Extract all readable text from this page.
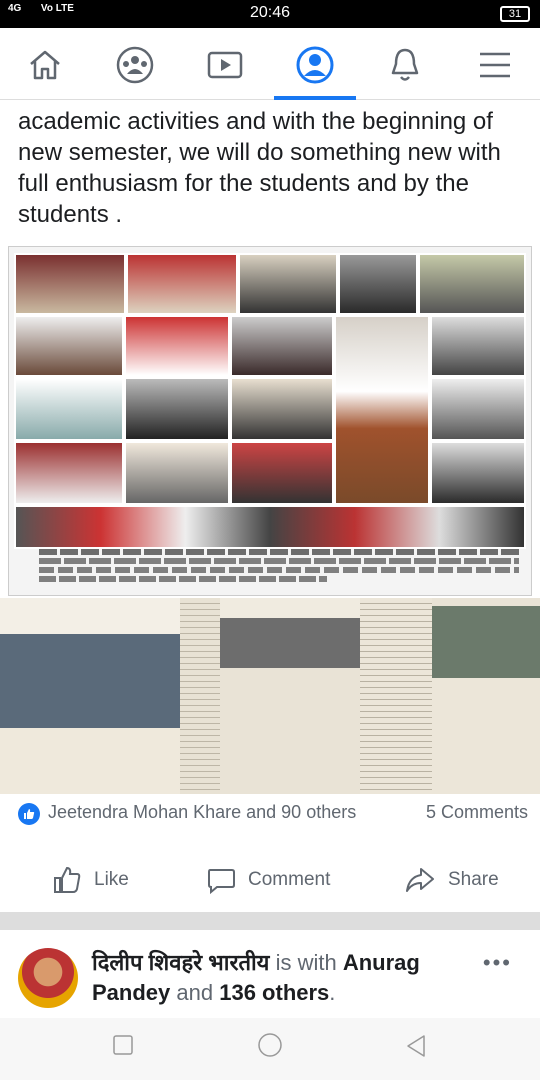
4G Vo LTE	20:46	31
academic activities and with the beginning of new semester, we will do something new with full enthusiasm for the students and by the students .
Jeetendra Mohan Khare and 90 others	5 Comments
Like	Comment	Share
दिलीप शिवहरे भारतीय is with Anurag Pandey and 136 others.
•••
